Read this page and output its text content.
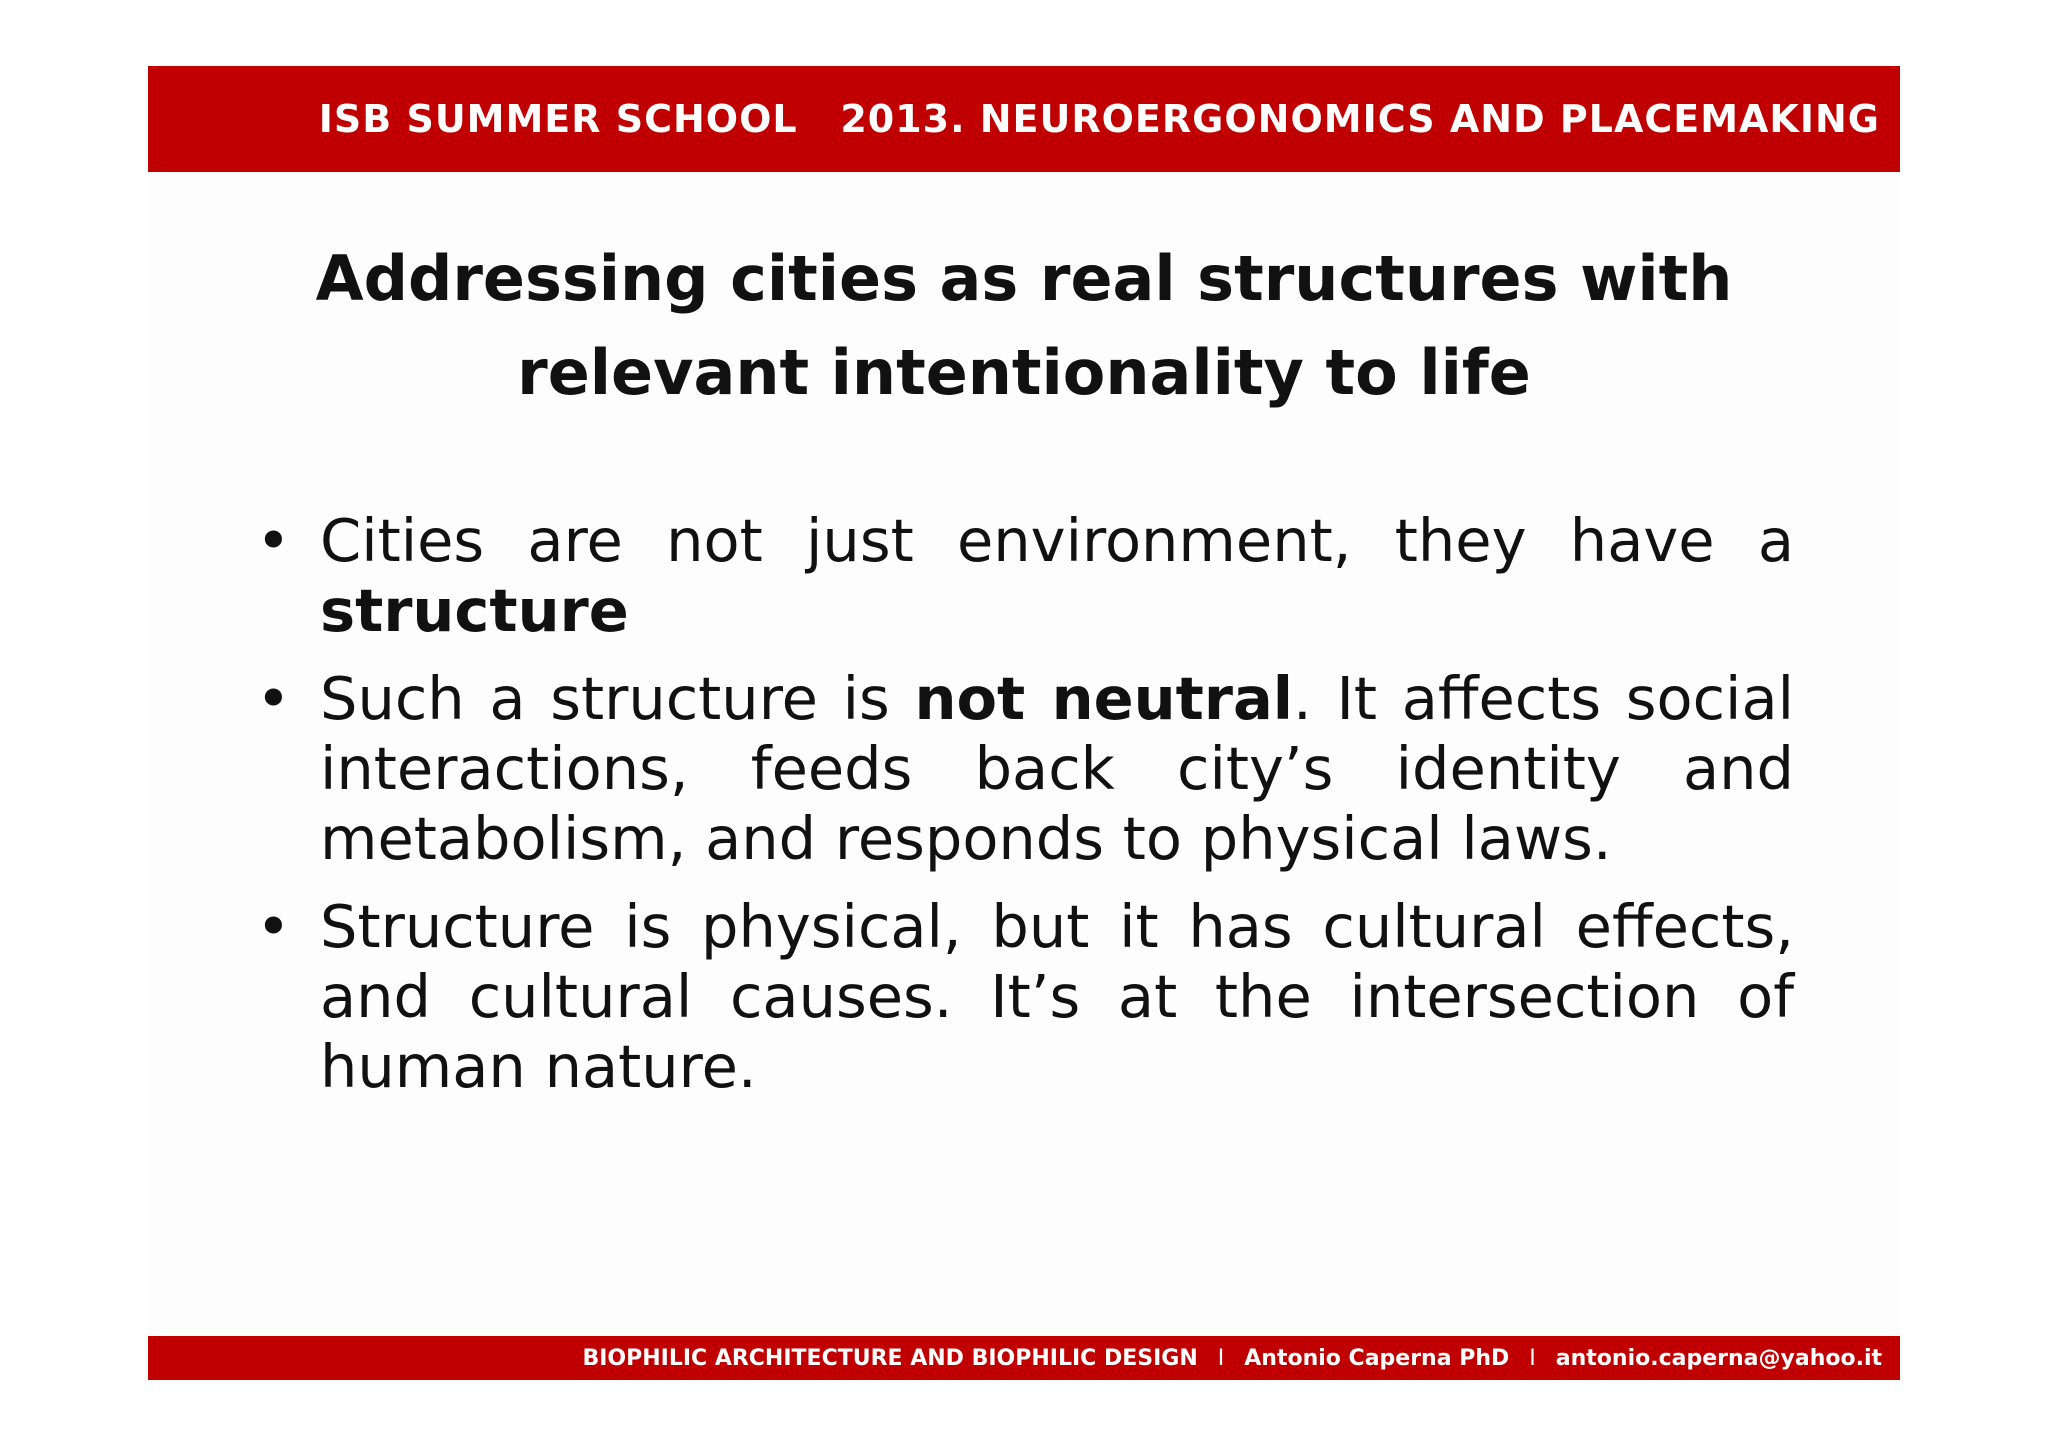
ISB SUMMER SCHOOL   2013. NEUROERGONOMICS AND PLACEMAKING
Addressing cities as real structures with
relevant intentionality to life
• Cities are not just environment, they have a structure
• Such a structure is not neutral. It affects social interactions, feeds back city’s identity and metabolism, and responds to physical laws.
• Structure is physical, but it has cultural effects, and cultural causes. It’s at the intersection of human nature.
BIOPHILIC ARCHITECTURE AND BIOPHILIC DESIGN I Antonio Caperna PhD I antonio.caperna@yahoo.it
